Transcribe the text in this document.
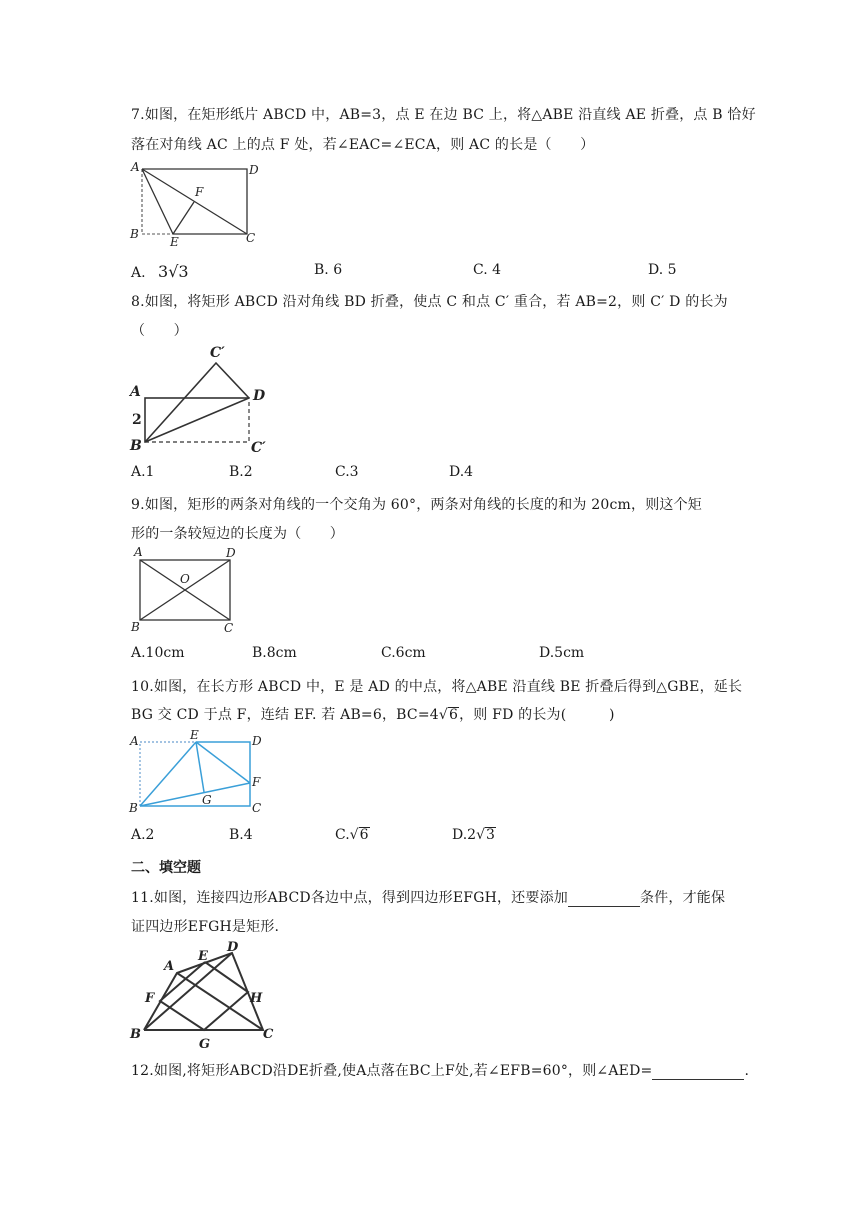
7.如图，在矩形纸片 ABCD 中，AB=3，点 E 在边 BC 上，将△ABE 沿直线 AE 折叠，点 B 恰好
落在对角线 AC 上的点 F 处，若∠EAC=∠ECA，则 AC 的长是（　　）
A	D
F
B
E	C
A. 3√3	B. 6	C. 4	D. 5
8.如图，将矩形 ABCD 沿对角线 BD 折叠，使点 C 和点 C′ 重合，若 AB=2，则 C′ D 的长为
（　　）
C′
A
2
D
B	C′
A.1	B.2	C.3	D.4
9.如图，矩形的两条对角线的一个交角为 60°，两条对角线的长度的和为 20cm，则这个矩
形的一条较短边的长度为（　　）
A	D
O
B	C
A.10cm	B.8cm	C.6cm	D.5cm
10.如图，在长方形 ABCD 中，E 是 AD 的中点，将△ABE 沿直线 BE 折叠后得到△GBE，延长
BG 交 CD 于点 F，连结 EF. 若 AB=6，BC=4√6，则 FD 的长为(　　　)
A	E	D
F
G
B	C
A.2	B.4	C.√6	D.2√3
二、填空题
11.如图，连接四边形ABCD各边中点，得到四边形EFGH，还要添加	条件，才能保
证四边形EFGH是矩形.
D
A
E
F	H
B
G
C
12.如图,将矩形ABCD沿DE折叠,使A点落在BC上F处,若∠EFB=60°，则∠AED=	.
